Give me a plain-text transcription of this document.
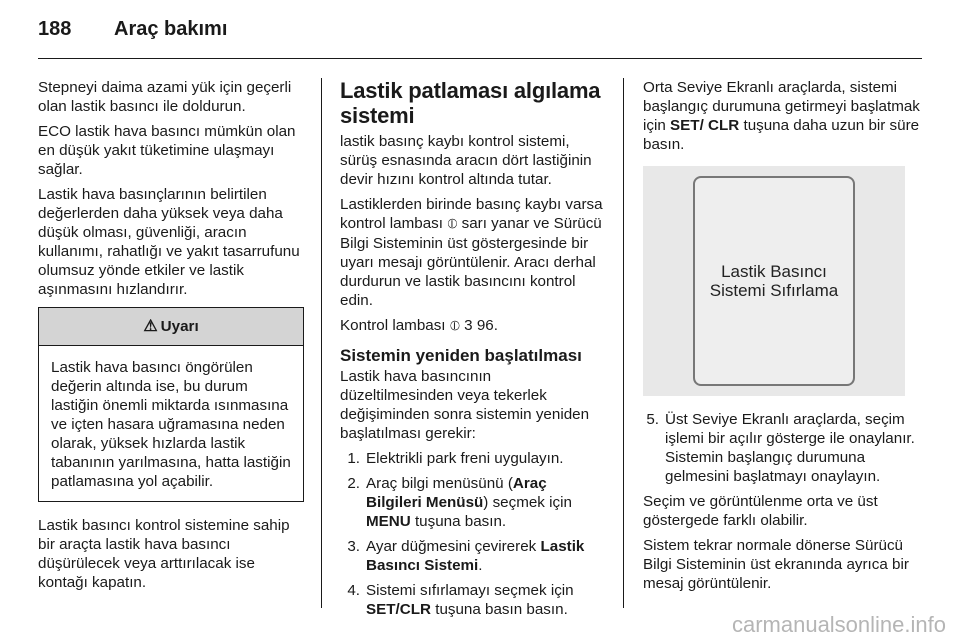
188	Araç bakımı

Stepneyi daima azami yük için geçerli olan lastik basıncı ile doldurun.

ECO lastik hava basıncı mümkün olan en düşük yakıt tüketimine ulaşmayı sağlar.

Lastik hava basınçlarının belirtilen değerlerden daha yüksek veya daha düşük olması, güvenliği, aracın kullanımı, rahatlığı ve yakıt tasarrufunu olumsuz yönde etkiler ve lastik aşınmasını hızlandırır.

⚠ Uyarı
Lastik hava basıncı öngörülen değerin altında ise, bu durum lastiğin önemli miktarda ısınmasına ve içten hasara uğramasına neden olarak, yüksek hızlarda lastik tabanının yarılmasına, hatta lastiğin patlamasına yol açabilir.

Lastik basıncı kontrol sistemine sahip bir araçta lastik hava basıncı düşürülecek veya arttırılacak ise kontağı kapatın.

Lastik patlaması algılama sistemi

lastik basınç kaybı kontrol sistemi, sürüş esnasında aracın dört lastiğinin devir hızını kontrol altında tutar.

Lastiklerden birinde basınç kaybı varsa kontrol lambası ⦶ sarı yanar ve Sürücü Bilgi Sisteminin üst göstergesinde bir uyarı mesajı görüntülenir. Aracı derhal durdurun ve lastik basıncını kontrol edin.

Kontrol lambası ⦶ 3 96.

Sistemin yeniden başlatılması

Lastik hava basıncının düzeltilmesinden veya tekerlek değişiminden sonra sistemin yeniden başlatılması gerekir:

1. Elektrikli park freni uygulayın.
2. Araç bilgi menüsünü (Araç Bilgileri Menüsü) seçmek için MENU tuşuna basın.
3. Ayar düğmesini çevirerek Lastik Basıncı Sistemi.
4. Sistemi sıfırlamayı seçmek için SET/CLR tuşuna basın basın.

Orta Seviye Ekranlı araçlarda, sistemi başlangıç durumuna getirmeyi başlatmak için SET/ CLR tuşuna daha uzun bir süre basın.

Lastik Basıncı
Sistemi Sıfırlama
5. Üst Seviye Ekranlı araçlarda, seçim işlemi bir açılır gösterge ile onaylanır. Sistemin başlangıç durumuna gelmesini başlatmayı onaylayın.

Seçim ve görüntülenme orta ve üst göstergede farklı olabilir.

Sistem tekrar normale dönerse Sürücü Bilgi Sisteminin üst ekranında ayrıca bir mesaj görüntülenir.

carmanualsonline.info
